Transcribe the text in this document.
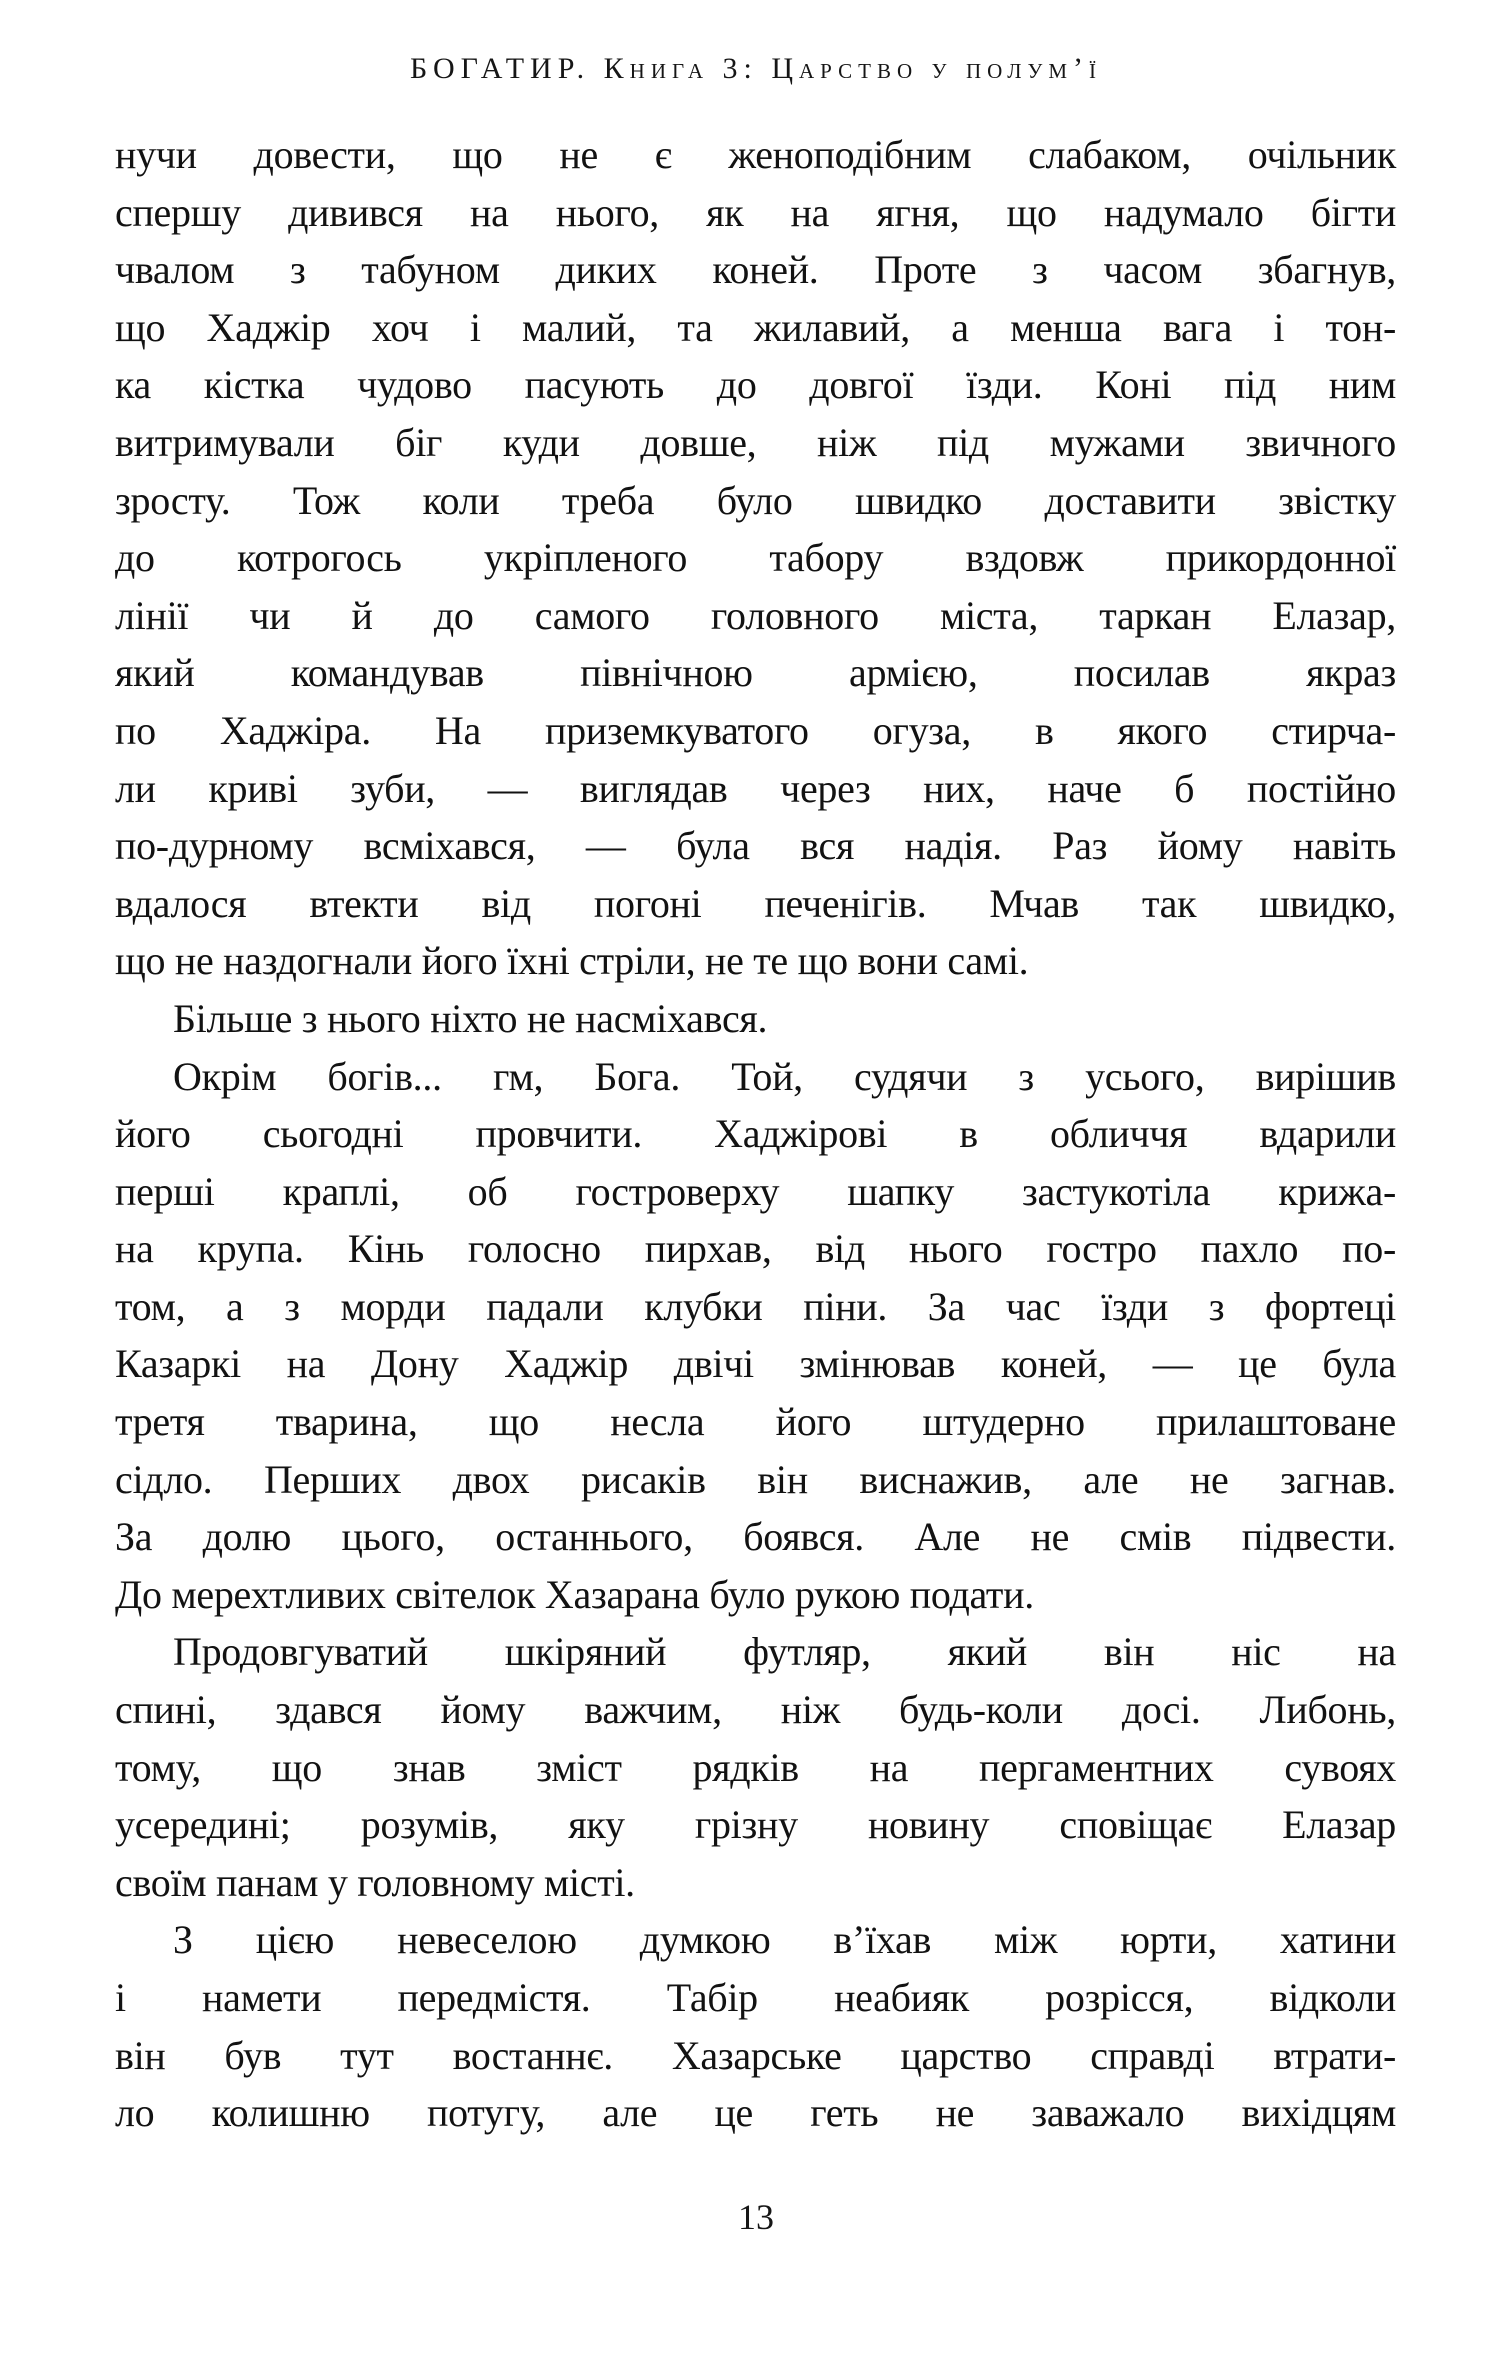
БОГАТИР. Книга 3: Царство у полум’ї

нучи довести, що не є женоподібним слабаком, очільник
спершу дивився на нього, як на ягня, що надумало бігти
чвалом з табуном диких коней. Проте з часом збагнув,
що Хаджір хоч і малий, та жилавий, а менша вага і тон-
ка кістка чудово пасують до довгої їзди. Коні під ним
витримували біг куди довше, ніж під мужами звичного
зросту. Тож коли треба було швидко доставити звістку
до котрогось укріпленого табору вздовж прикордонної
лінії чи й до самого головного міста, таркан Елазар,
який командував північною армією, посилав якраз
по Хаджіра. На приземкуватого огуза, в якого стирча-
ли криві зуби, — виглядав через них, наче б постійно
по-дурному всміхався, — була вся надія. Раз йому навіть
вдалося втекти від погоні печенігів. Мчав так швидко,
що не наздогнали його їхні стріли, не те що вони самі.

Більше з нього ніхто не насміхався.

Окрім богів... гм, Бога. Той, судячи з усього, вирішив
його сьогодні провчити. Хаджірові в обличчя вдарили
перші краплі, об гостроверху шапку застукотіла крижа-
на крупа. Кінь голосно пирхав, від нього гостро пахло по-
том, а з морди падали клубки піни. За час їзди з фортеці
Казаркі на Дону Хаджір двічі змінював коней, — це була
третя тварина, що несла його штудерно прилаштоване
сідло. Перших двох рисаків він виснажив, але не загнав.
За долю цього, останнього, боявся. Але не смів підвести.
До мерехтливих світелок Хазарана було рукою подати.

Продовгуватий шкіряний футляр, який він ніс на
спині, здався йому важчим, ніж будь-коли досі. Либонь,
тому, що знав зміст рядків на пергаментних сувоях
усередині; розумів, яку грізну новину сповіщає Елазар
своїм панам у головному місті.

З цією невеселою думкою в’їхав між юрти, хатини
і намети передмістя. Табір неабияк розрісся, відколи
він був тут востаннє. Хазарське царство справді втрати-
ло колишню потугу, але це геть не заважало вихідцям

13
